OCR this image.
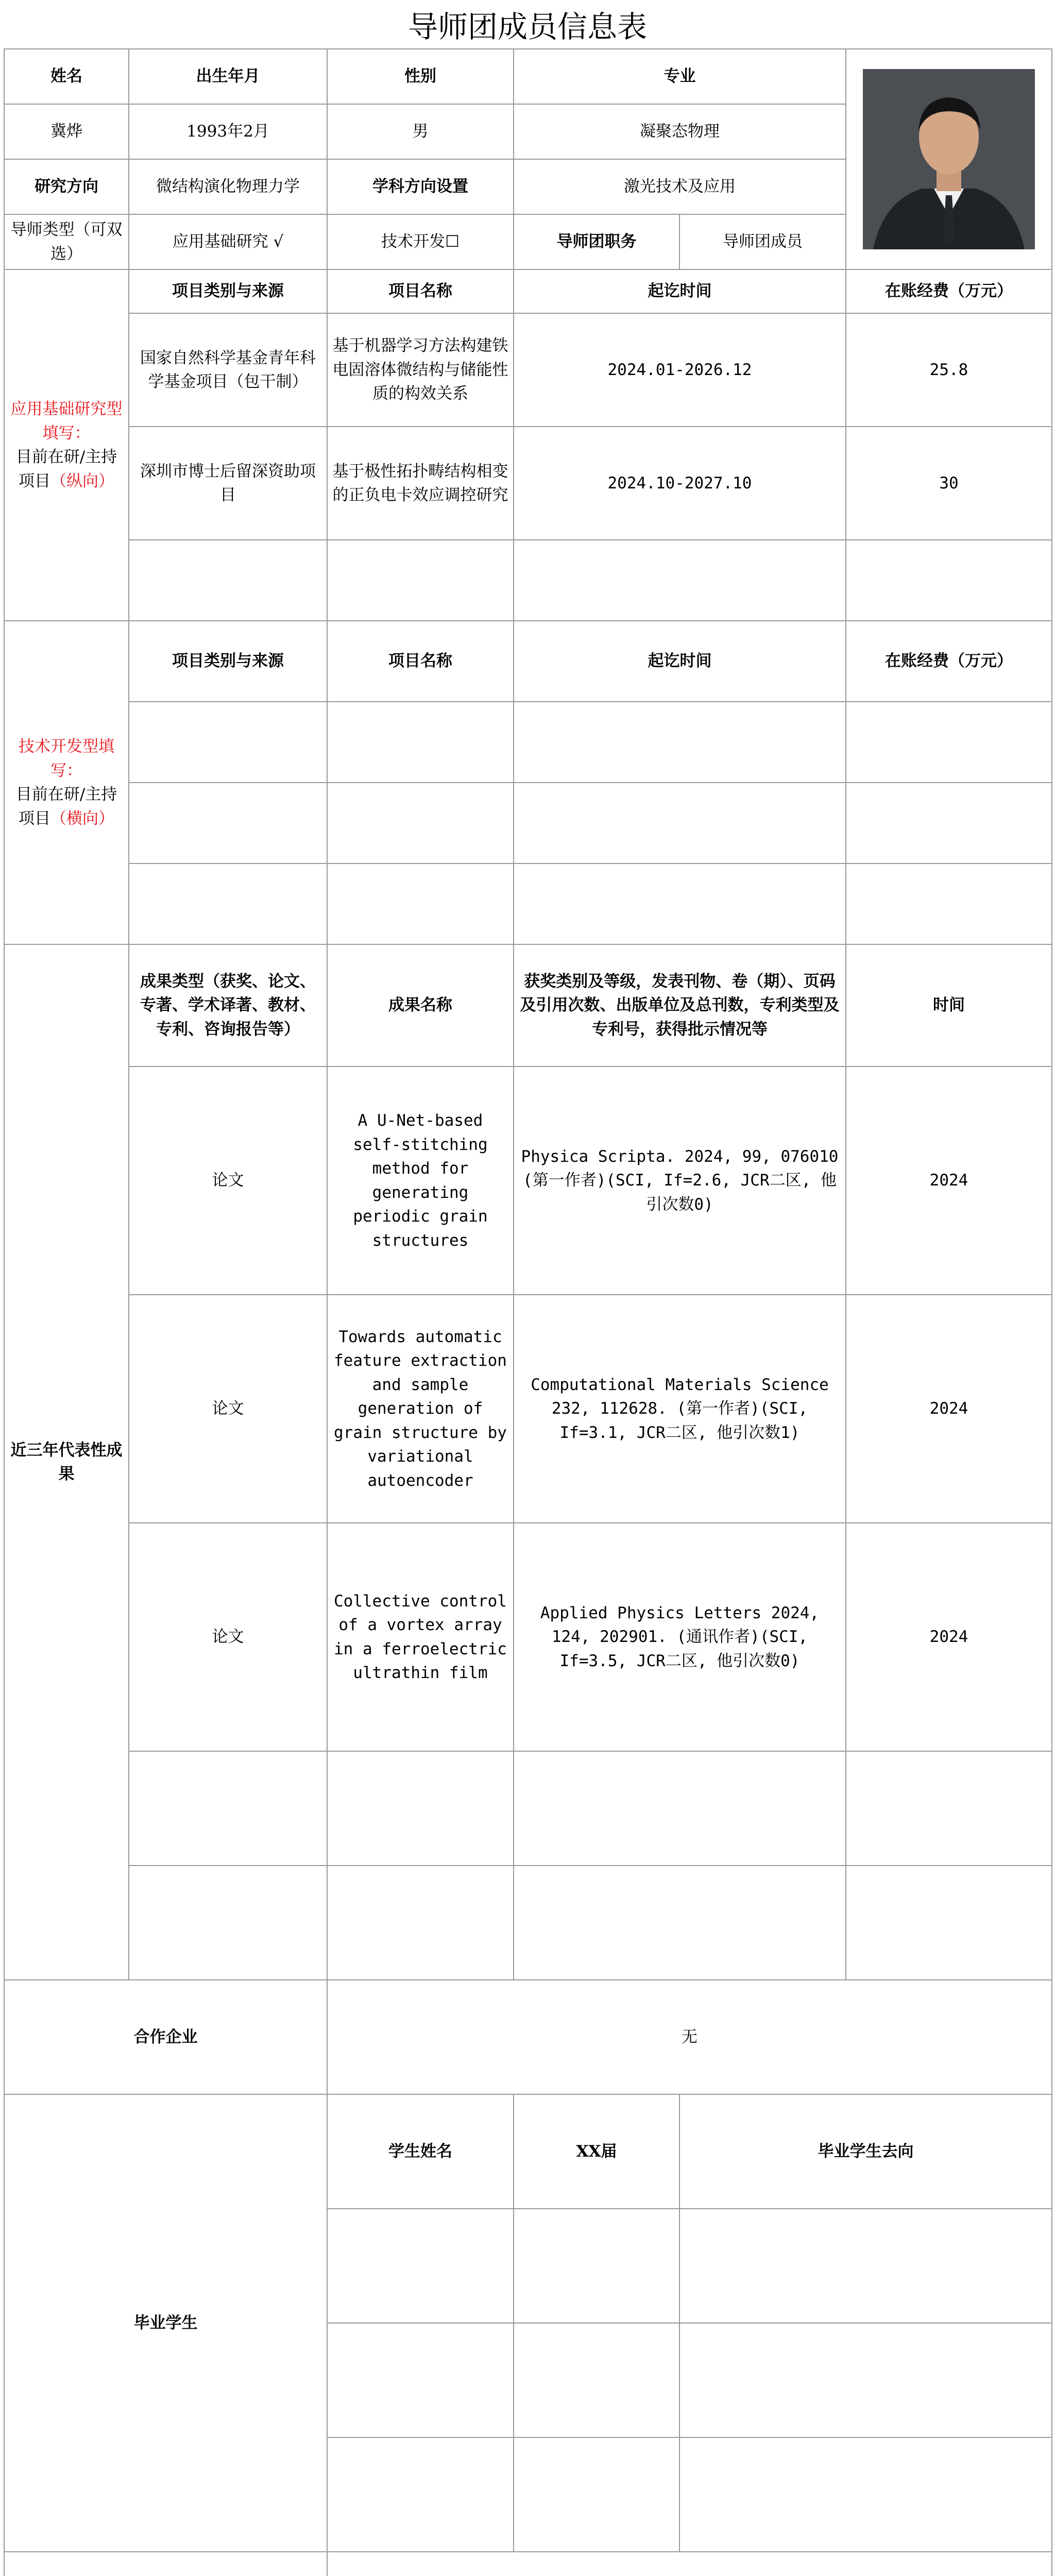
导师团成员信息表
姓名	出生年月	性别	专业	

冀烨	1993年2月	男	凝聚态物理		
研究方向	微结构演化物理力学	学科方向设置	激光技术及应用		
导师类型（可双选）	应用基础研究 √	技术开发☐	导师团职务	导师团成员	
应用基础研究型填写：
目前在研/主持项目（纵向）	项目类别与来源	项目名称	起讫时间		在账经费（万元）
	国家自然科学基金青年科学基金项目（包干制）	基于机器学习方法构建铁电固溶体微结构与储能性质的构效关系	2024.01-2026.12		25.8
	深圳市博士后留深资助项目	基于极性拓扑畴结构相变的正负电卡效应调控研究	2024.10-2027.10		30

技术开发型填写：
目前在研/主持项目（横向）	项目类别与来源	项目名称	起讫时间		在账经费（万元）

近三年代表性成果	成果类型（获奖、论文、专著、学术译著、教材、专利、咨询报告等）	成果名称	获奖类别及等级，发表刊物、卷（期）、页码及引用次数、出版单位及总刊数，专利类型及专利号，获得批示情况等		时间
	论文	A U-Net-based self-stitching method for generating periodic grain structures	Physica Scripta. 2024, 99, 076010 (第一作者)(SCI, If=2.6, JCR二区, 他引次数0)		2024
	论文	Towards automatic feature extraction and sample generation of grain structure by variational autoencoder	Computational Materials Science 232, 112628. (第一作者)(SCI, If=3.1, JCR二区, 他引次数1)		2024
	论文	Collective control of a vortex array in a ferroelectric ultrathin film	Applied Physics Letters 2024, 124, 202901. (通讯作者)(SCI, If=3.5, JCR二区, 他引次数0)		2024

合作企业		无			
毕业学生		学生姓名	XX届	毕业学生去向	
